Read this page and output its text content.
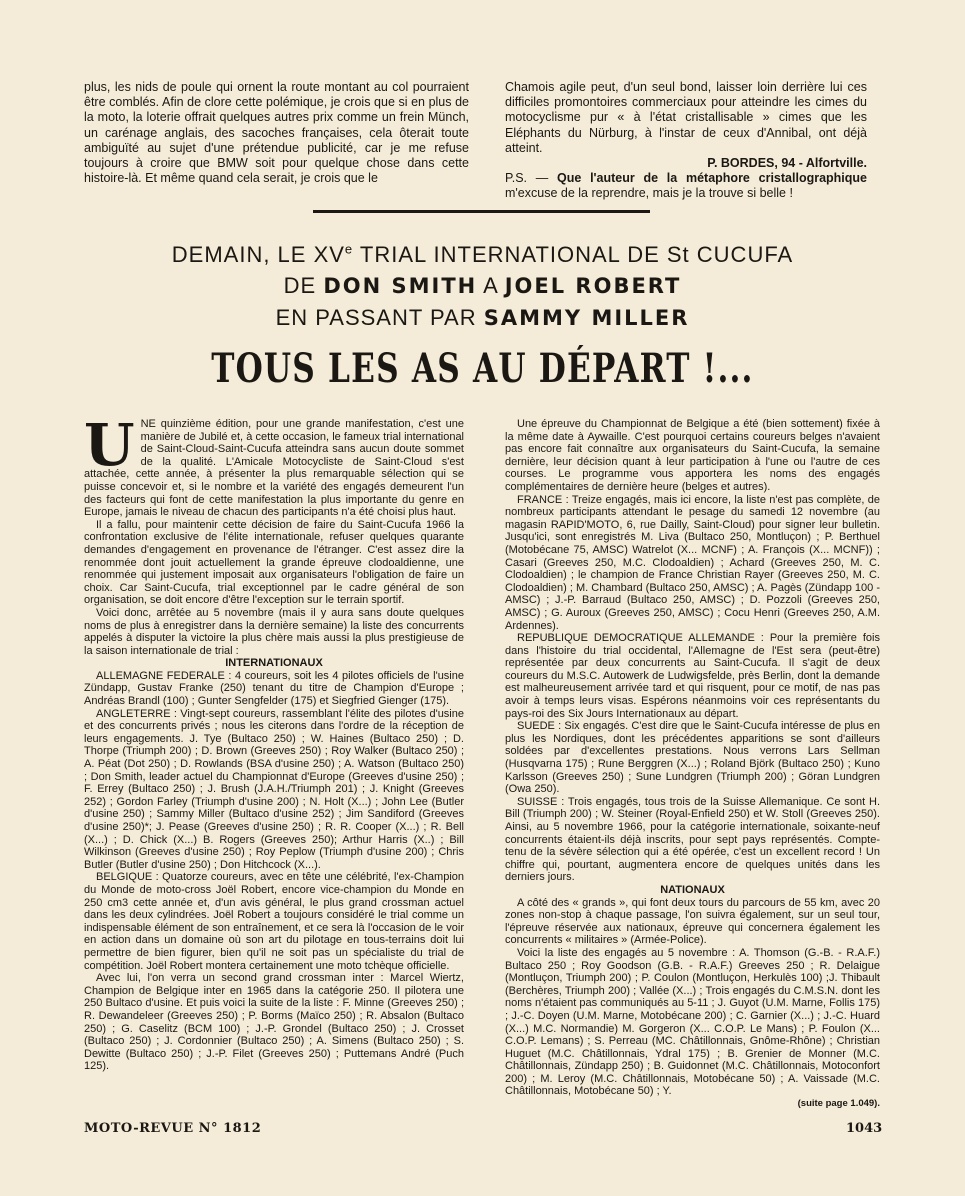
plus, les nids de poule qui ornent la route montant au col pourraient être comblés. Afin de clore cette polémique, je crois que si en plus de la moto, la loterie offrait quelques autres prix comme un frein Münch, un carénage anglais, des sacoches françaises, cela ôterait toute ambiguïté au sujet d'une prétendue publicité, car je me refuse toujours à croire que BMW soit pour quelque chose dans cette histoire-là. Et même quand cela serait, je crois que le

Chamois agile peut, d'un seul bond, laisser loin derrière lui ces difficiles promontoires commerciaux pour atteindre les cimes du motocyclisme pur « à l'état cristallisable » cimes que les Eléphants du Nürburg, à l'instar de ceux d'Annibal, ont déjà atteint.

P. BORDES, 94 - Alfortville.

P.S. — Que l'auteur de la métaphore cristallographique m'excuse de la reprendre, mais je la trouve si belle !

DEMAIN, LE XVe TRIAL INTERNATIONAL DE St CUCUFA
DE DON SMITH A JOEL ROBERT
EN PASSANT PAR SAMMY MILLER
TOUS LES AS AU DÉPART !...
U NE quinzième édition, pour une grande manifestation, c'est une manière de Jubilé et, à cette occasion, le fameux trial international de Saint-Cloud-Saint-Cucufa atteindra sans aucun doute sommet de la qualité. L'Amicale Motocycliste de Saint-Cloud s'est attachée, cette année, à présenter la plus remarquable sélection qui se puisse concevoir et, si le nombre et la variété des engagés demeurent l'un des facteurs qui font de cette manifestation la plus importante du genre en Europe, jamais le niveau de chacun des participants n'a été choisi plus haut.

Il a fallu, pour maintenir cette décision de faire du Saint-Cucufa 1966 la confrontation exclusive de l'élite internationale, refuser quelques quarante demandes d'engagement en provenance de l'étranger. C'est assez dire la renommée dont jouit actuellement la grande épreuve clodoaldienne, une renommée qui justement imposait aux organisateurs l'obligation de faire un choix. Car Saint-Cucufa, trial exceptionnel par le cadre général de son organisation, se doit encore d'être l'exception sur le terrain sportif.

Voici donc, arrêtée au 5 novembre (mais il y aura sans doute quelques noms de plus à enregistrer dans la dernière semaine) la liste des concurrents appelés à disputer la victoire la plus chère mais aussi la plus prestigieuse de la saison internationale de trial :

INTERNATIONAUX

ALLEMAGNE FEDERALE : 4 coureurs, soit les 4 pilotes officiels de l'usine Zündapp, Gustav Franke (250) tenant du titre de Champion d'Europe ; Andréas Brandl (100) ; Gunter Sengfelder (175) et Siegfried Gienger (175).

ANGLETERRE : Vingt-sept coureurs, rassemblant l'élite des pilotes d'usine et des concurrents privés ; nous les citerons dans l'ordre de la réception de leurs engagements. J. Tye (Bultaco 250) ; W. Haines (Bultaco 250) ; D. Thorpe (Triumph 200) ; D. Brown (Greeves 250) ; Roy Walker (Bultaco 250) ; A. Péat (Dot 250) ; D. Rowlands (BSA d'usine 250) ; A. Watson (Bultaco 250) ; Don Smith, leader actuel du Championnat d'Europe (Greeves d'usine 250) ; F. Errey (Bultaco 250) ; J. Brush (J.A.H./Triumph 201) ; J. Knight (Greeves 252) ; Gordon Farley (Triumph d'usine 200) ; N. Holt (X...) ; John Lee (Butler d'usine 250) ; Sammy Miller (Bultaco d'usine 252) ; Jim Sandiford (Greeves d'usine 250)*; J. Pease (Greeves d'usine 250) ; R. R. Cooper (X...) ; R. Bell (X...) ; D. Chick (X...) B. Rogers (Greeves 250); Arthur Harris (X..) ; Bill Wilkinson (Greeves d'usine 250) ; Roy Peplow (Triumph d'usine 200) ; Chris Butler (Butler d'usine 250) ; Don Hitchcock (X...).

BELGIQUE : Quatorze coureurs, avec en tête une célébrité, l'ex-Champion du Monde de moto-cross Joël Robert, encore vice-champion du Monde en 250 cm3 cette année et, d'un avis général, le plus grand crossman actuel dans les deux cylindrées. Joël Robert a toujours considéré le trial comme un indispensable élément de son entraînement, et ce sera là l'occasion de le voir en action dans un domaine où son art du pilotage en tous-terrains doit lui permettre de bien figurer, bien qu'il ne soit pas un spécialiste du trial de compétition. Joël Robert montera certainement une moto tchèque officielle.

Avec lui, l'on verra un second grand crossman inter : Marcel Wiertz, Champion de Belgique inter en 1965 dans la catégorie 250. Il pilotera une 250 Bultaco d'usine. Et puis voici la suite de la liste : F. Minne (Greeves 250) ; R. Dewandeleer (Greeves 250) ; P. Borms (Maïco 250) ; R. Absalon (Bultaco 250) ; G. Caselitz (BCM 100) ; J.-P. Grondel (Bultaco 250) ; J. Crosset (Bultaco 250) ; J. Cordonnier (Bultaco 250) ; A. Simens (Bultaco 250) ; S. Dewitte (Bultaco 250) ; J.-P. Filet (Greeves 250) ; Puttemans André (Puch 125).

Une épreuve du Championnat de Belgique a été (bien sottement) fixée à la même date à Aywaille. C'est pourquoi certains coureurs belges n'avaient pas encore fait connaître aux organisateurs du Saint-Cucufa, la semaine dernière, leur décision quant à leur participation à l'une ou l'autre de ces courses. Le programme vous apportera les noms des engagés complémentaires de dernière heure (belges et autres).

FRANCE : Treize engagés, mais ici encore, la liste n'est pas complète, de nombreux participants attendant le pesage du samedi 12 novembre (au magasin RAPID'MOTO, 6, rue Dailly, Saint-Cloud) pour signer leur bulletin. Jusqu'ici, sont enregistrés M. Liva (Bultaco 250, Montluçon) ; P. Berthuel (Motobécane 75, AMSC) Watrelot (X... MCNF) ; A. François (X... MCNF)) ; Casari (Greeves 250, M.C. Clodoaldien) ; Achard (Greeves 250, M. C. Clodoaldien) ; le champion de France Christian Rayer (Greeves 250, M. C. Clodoaldien) ; M. Chambard (Bultaco 250, AMSC) ; A. Pagès (Zündapp 100 - AMSC) ; J.-P. Barraud (Bultaco 250, AMSC) ; D. Pozzoli (Greeves 250, AMSC) ; G. Auroux (Greeves 250, AMSC) ; Cocu Henri (Greeves 250, A.M. Ardennes).

REPUBLIQUE DEMOCRATIQUE ALLEMANDE : Pour la première fois dans l'histoire du trial occidental, l'Allemagne de l'Est sera (peut-être) représentée par deux concurrents au Saint-Cucufa. Il s'agit de deux coureurs du M.S.C. Autowerk de Ludwigsfelde, près Berlin, dont la demande est malheureusement arrivée tard et qui risquent, pour ce motif, de nas pas avoir à temps leurs visas. Espérons néanmoins voir ces représentants du pays-roi des Six Jours Internationaux au départ.

SUEDE : Six engagés. C'est dire que le Saint-Cucufa intéresse de plus en plus les Nordiques, dont les précédentes apparitions se sont d'ailleurs soldées par d'excellentes prestations. Nous verrons Lars Sellman (Husqvarna 175) ; Rune Berggren (X...) ; Roland Björk (Bultaco 250) ; Kuno Karlsson (Greeves 250) ; Sune Lundgren (Triumph 200) ; Göran Lundgren (Owa 250).

SUISSE : Trois engagés, tous trois de la Suisse Allemanique. Ce sont H. Bill (Triumph 200) ; W. Steiner (Royal-Enfield 250) et W. Stoll (Greeves 250). Ainsi, au 5 novembre 1966, pour la catégorie internationale, soixante-neuf concurrents étaient-ils déjà inscrits, pour sept pays représentés. Compte-tenu de la sévère sélection qui a été opérée, c'est un excellent record ! Un chiffre qui, pourtant, augmentera encore de quelques unités dans les derniers jours.

NATIONAUX

A côté des « grands », qui font deux tours du parcours de 55 km, avec 20 zones non-stop à chaque passage, l'on suivra également, sur un seul tour, l'épreuve réservée aux nationaux, épreuve qui concernera également les concurrents « militaires » (Armée-Police).

Voici la liste des engagés au 5 novembre : A. Thomson (G.-B. - R.A.F.) Bultaco 250 ; Roy Goodson (G.B. - R.A.F.) Greeves 250 ; R. Delaigue (Montluçon, Triumph 200) ; P. Coulon (Montluçon, Herkulès 100) ;J. Thibault (Berchères, Triumph 200) ; Vallée (X...) ; Trois engagés du C.M.S.N. dont les noms n'étaient pas communiqués au 5-11 ; J. Guyot (U.M. Marne, Follis 175) ; J.-C. Doyen (U.M. Marne, Motobécane 200) ; C. Garnier (X...) ; J.-C. Huard (X...) M.C. Normandie) M. Gorgeron (X... C.O.P. Le Mans) ; P. Foulon (X... C.O.P. Lemans) ; S. Perreau (MC. Châtillonnais, Gnôme-Rhône) ; Christian Huguet (M.C. Châtillonnais, Ydral 175) ; B. Grenier de Monner (M.C. Châtillonnais, Zündapp 250) ; B. Guidonnet (M.C. Châtillonnais, Motoconfort 200) ; M. Leroy (M.C. Châtillonnais, Motobécane 50) ; A. Vaissade (M.C. Châtillonnais, Motobécane 50) ; Y.

(suite page 1.049).

MOTO-REVUE N° 1812	1043
